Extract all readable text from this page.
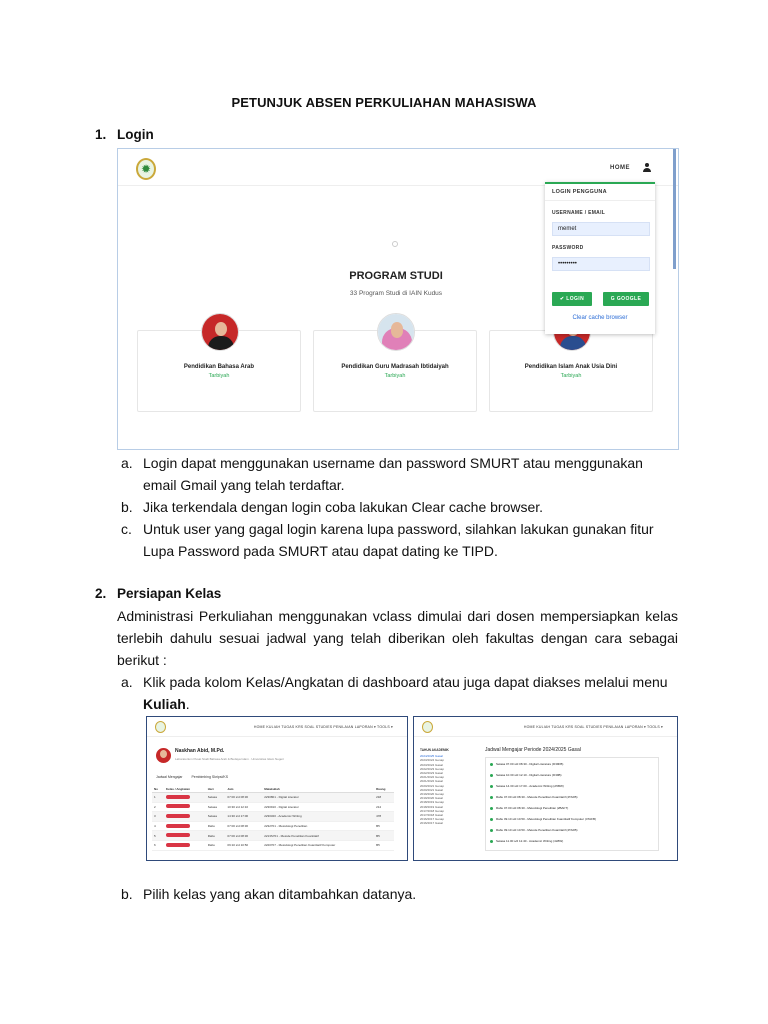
PETUNJUK ABSEN PERKULIAHAN MAHASISWA
1. Login
✹	HOME
PROGRAM STUDI
33 Program Studi di IAIN Kudus
Pendidikan Bahasa Arab
Tarbiyah
Pendidikan Guru Madrasah Ibtidaiyah
Tarbiyah
Pendidikan Islam Anak Usia Dini
Tarbiyah
LOGIN PENGGUNA
USERNAME / EMAIL
memet
PASSWORD
•••••••••
✔ LOGIN	G GOOGLE
Clear cache browser
a. Login dapat menggunakan username dan password SMURT atau menggunakan email Gmail yang telah terdaftar.
b. Jika terkendala dengan login coba lakukan Clear cache browser.
c. Untuk user yang gagal login karena lupa password, silahkan lakukan gunakan fitur Lupa Password pada SMURT atau dapat dating ke TIPD.
2. Persiapan Kelas
Administrasi Perkuliahan menggunakan vclass dimulai dari dosen mempersiapkan kelas terlebih dahulu sesuai jadwal yang telah diberikan oleh fakultas dengan cara sebagai berikut :
a. Klik pada kolom Kelas/Angkatan di dashboard atau juga dapat diakses melalui menu Kuliah.
HOME KULIAH TUGAS KRS SOAL STUDIES PENILAIAN LAPORAN ▾ TOOLS ▾
Naskhan Abid, M.Pd.
Laboratorium Pusat Studi Bahasa Arab & Budaya Islam · Universitas Islam Negeri
Jadwal Mengajar	Pembimbing Skripsi/KS
No	Kelas / Angkatan	Hari	Jam	Matakuliah	Ruang
1		Selasa	07:00 s/d 08:30	2230801 - Digital Literatur	218
2		Selasa	10:30 s/d 12:10	2230910 - Digital Literatur	214
3		Selasa	14:30 s/d 17:00	2230320 - Academic Writing	478
4		Rabu	07:00 s/d 08:30	2232701 - Metodologi Penelitian	B5
5		Rabu	07:00 s/d 08:30	2213S701 - Metode Penelitian Kuantitatif	B5
6		Rabu	09:10 s/d 10:50	2220707 - Metodologi Penelitian Kuantitatif Komputer	B5
HOME KULIAH TUGAS KRS SOAL STUDIES PENILAIAN LAPORAN ▾ TOOLS ▾
TAHUN AKADEMIK
2024/2025 Gasal
2023/2024 Genap
2023/2024 Gasal
2022/2023 Genap
2022/2023 Gasal
2021/2022 Genap
2021/2022 Gasal
2020/2021 Genap
2020/2021 Gasal
2019/2020 Genap
2019/2020 Gasal
2018/2019 Genap
2018/2019 Gasal
2017/2018 Genap
2017/2018 Gasal
2016/2017 Genap
2016/2017 Gasal
Jadwal Mengajar Periode 2024/2025 Gasal
Selasa 07.00 s/d 08.30 - Digital Literature (D39FB)
Selasa 10.30 s/d 12.10 - Digital Literature (D39B)
Selasa 14.30 s/d 17.00 - Academic Writing (A5BW)
Rabu 07.00 s/d 08.30 - Metode Penelitian Kuantitatif (4TAFB)
Rabu 07.00 s/d 08.30 - Metodologi Penelitian (2BAFT)
Rabu 09.10 s/d 10.50 - Metodologi Penelitian Kuantitatif Komputer (4TAFB)
Rabu 09.10 s/d 10.50 - Metode Penelitian Kuantitatif (4TAFB)
Selasa 11.00 s/d 12.40 - Academic Writing (4LBW)
b. Pilih kelas yang akan ditambahkan datanya.
